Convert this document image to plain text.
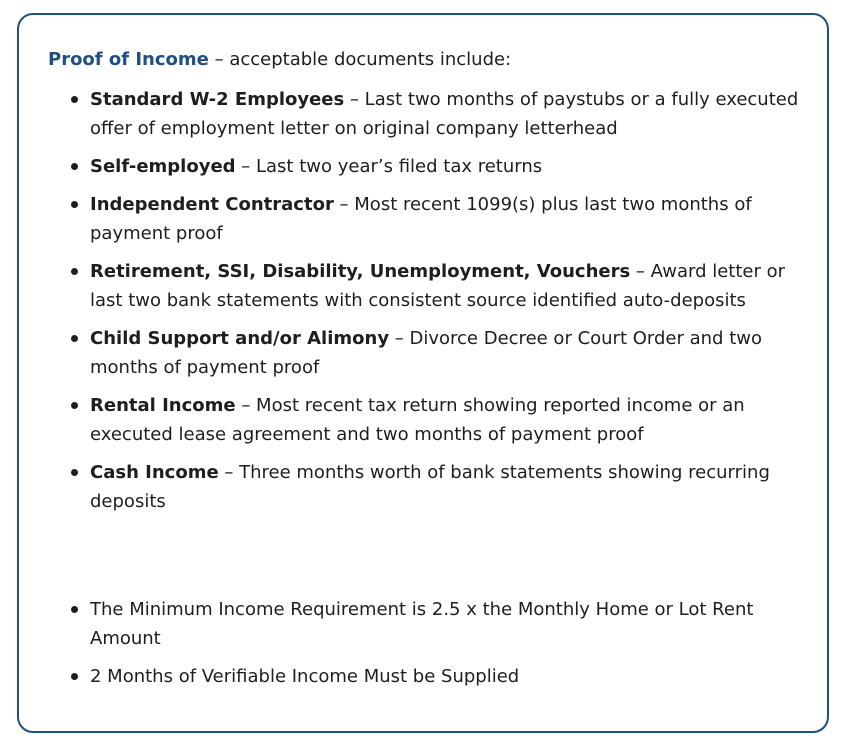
Proof of Income – acceptable documents include:

Standard W-2 Employees – Last two months of paystubs or a fully executed offer of employment letter on original company letterhead
Self-employed – Last two year’s filed tax returns
Independent Contractor – Most recent 1099(s) plus last two months of payment proof
Retirement, SSI, Disability, Unemployment, Vouchers – Award letter or last two bank statements with consistent source identified auto-deposits
Child Support and/or Alimony – Divorce Decree or Court Order and two months of payment proof
Rental Income – Most recent tax return showing reported income or an executed lease agreement and two months of payment proof
Cash Income – Three months worth of bank statements showing recurring deposits
The Minimum Income Requirement is 2.5 x the Monthly Home or Lot Rent Amount
2 Months of Verifiable Income Must be Supplied
